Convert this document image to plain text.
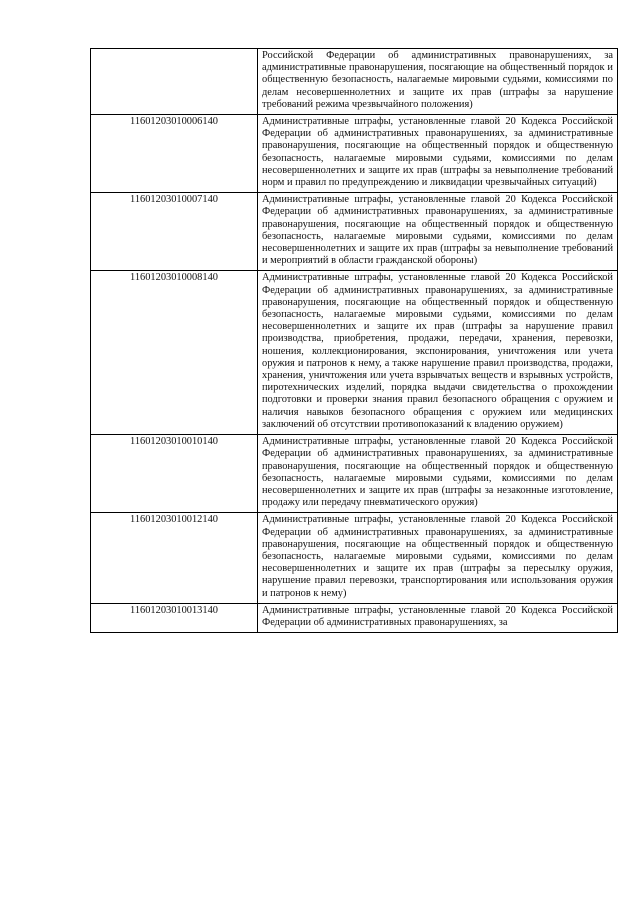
	Российской Федерации об административных правонарушениях, за административные правонарушения, посягающие на общественный порядок и общественную безопасность, налагаемые мировыми судьями, комиссиями по делам несовершеннолетних и защите их прав (штрафы за нарушение требований режима чрезвычайного положения)
11601203010006140	Административные штрафы, установленные главой 20 Кодекса Российской Федерации об административных правонарушениях, за административные правонарушения, посягающие на общественный порядок и общественную безопасность, налагаемые мировыми судьями, комиссиями по делам несовершеннолетних и защите их прав (штрафы за невыполнение требований норм и правил по предупреждению и ликвидации чрезвычайных ситуаций)
11601203010007140	Административные штрафы, установленные главой 20 Кодекса Российской Федерации об административных правонарушениях, за административные правонарушения, посягающие на общественный порядок и общественную безопасность, налагаемые мировыми судьями, комиссиями по делам несовершеннолетних и защите их прав (штрафы за невыполнение требований и мероприятий в области гражданской обороны)
11601203010008140	Административные штрафы, установленные главой 20 Кодекса Российской Федерации об административных правонарушениях, за административные правонарушения, посягающие на общественный порядок и общественную безопасность, налагаемые мировыми судьями, комиссиями по делам несовершеннолетних и защите их прав (штрафы за нарушение правил производства, приобретения, продажи, передачи, хранения, перевозки, ношения, коллекционирования, экспонирования, уничтожения или учета оружия и патронов к нему, а также нарушение правил производства, продажи, хранения, уничтожения или учета взрывчатых веществ и взрывных устройств, пиротехнических изделий, порядка выдачи свидетельства о прохождении подготовки и проверки знания правил безопасного обращения с оружием и наличия навыков безопасного обращения с оружием или медицинских заключений об отсутствии противопоказаний к владению оружием)
11601203010010140	Административные штрафы, установленные главой 20 Кодекса Российской Федерации об административных правонарушениях, за административные правонарушения, посягающие на общественный порядок и общественную безопасность, налагаемые мировыми судьями, комиссиями по делам несовершеннолетних и защите их прав (штрафы за незаконные изготовление, продажу или передачу пневматического оружия)
11601203010012140	Административные штрафы, установленные главой 20 Кодекса Российской Федерации об административных правонарушениях, за административные правонарушения, посягающие на общественный порядок и общественную безопасность, налагаемые мировыми судьями, комиссиями по делам несовершеннолетних и защите их прав (штрафы за пересылку оружия, нарушение правил перевозки, транспортирования или использования оружия и патронов к нему)
11601203010013140	Административные штрафы, установленные главой 20 Кодекса Российской Федерации об административных правонарушениях, за
